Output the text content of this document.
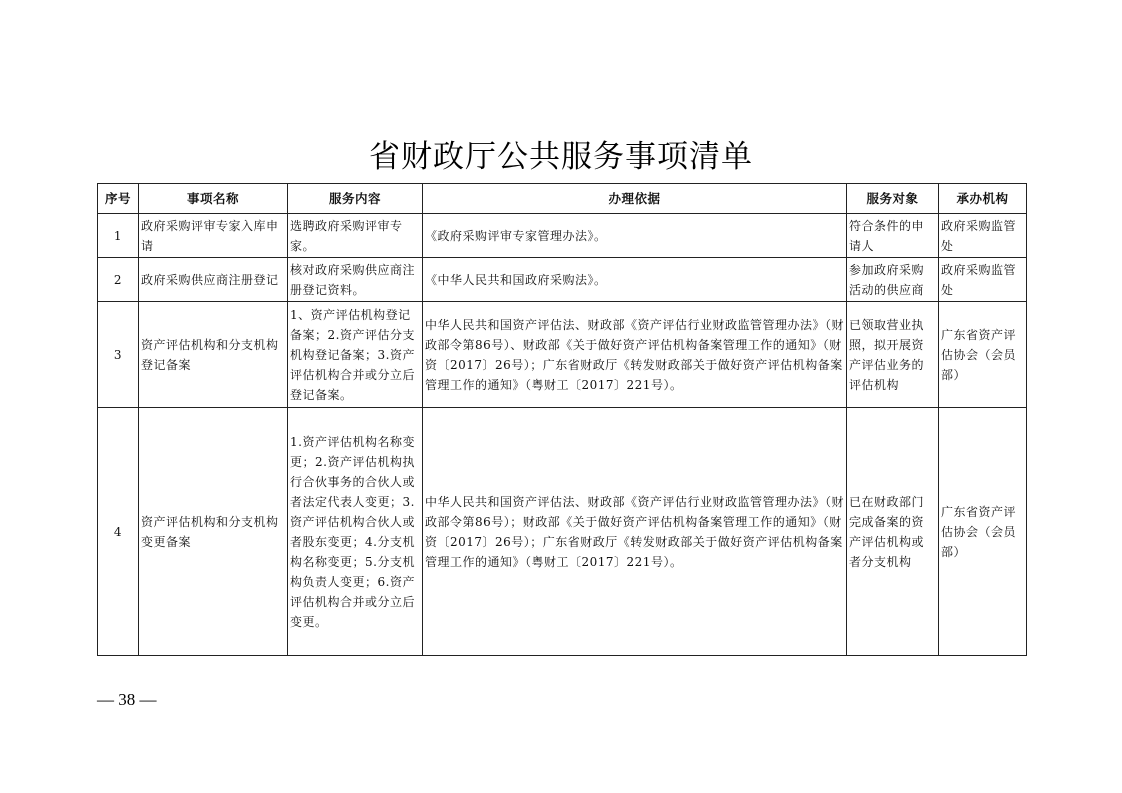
省财政厅公共服务事项清单
序号	事项名称	服务内容	办理依据	服务对象	承办机构
1	政府采购评审专家入库申请	选聘政府采购评审专家。	《政府采购评审专家管理办法》。	符合条件的申请人	政府采购监管处
2	政府采购供应商注册登记	核对政府采购供应商注册登记资料。	《中华人民共和国政府采购法》。	参加政府采购活动的供应商	政府采购监管处
3	资产评估机构和分支机构登记备案	1、资产评估机构登记备案；2.资产评估分支机构登记备案；3.资产评估机构合并或分立后登记备案。	中华人民共和国资产评估法、财政部《资产评估行业财政监管管理办法》（财政部令第86号）、财政部《关于做好资产评估机构备案管理工作的通知》（财资〔2017〕26号）；广东省财政厅《转发财政部关于做好资产评估机构备案管理工作的通知》（粤财工〔2017〕221号）。	已领取营业执照，拟开展资产评估业务的评估机构	广东省资产评估协会（会员部）
4	资产评估机构和分支机构变更备案	1.资产评估机构名称变更；2.资产评估机构执行合伙事务的合伙人或者法定代表人变更；3.资产评估机构合伙人或者股东变更；4.分支机构名称变更；5.分支机构负责人变更；6.资产评估机构合并或分立后变更。	中华人民共和国资产评估法、财政部《资产评估行业财政监管管理办法》（财政部令第86号）；财政部《关于做好资产评估机构备案管理工作的通知》（财资〔2017〕26号）；广东省财政厅《转发财政部关于做好资产评估机构备案管理工作的通知》（粤财工〔2017〕221号）。	已在财政部门完成备案的资产评估机构或者分支机构	广东省资产评估协会（会员部）
— 38 —
